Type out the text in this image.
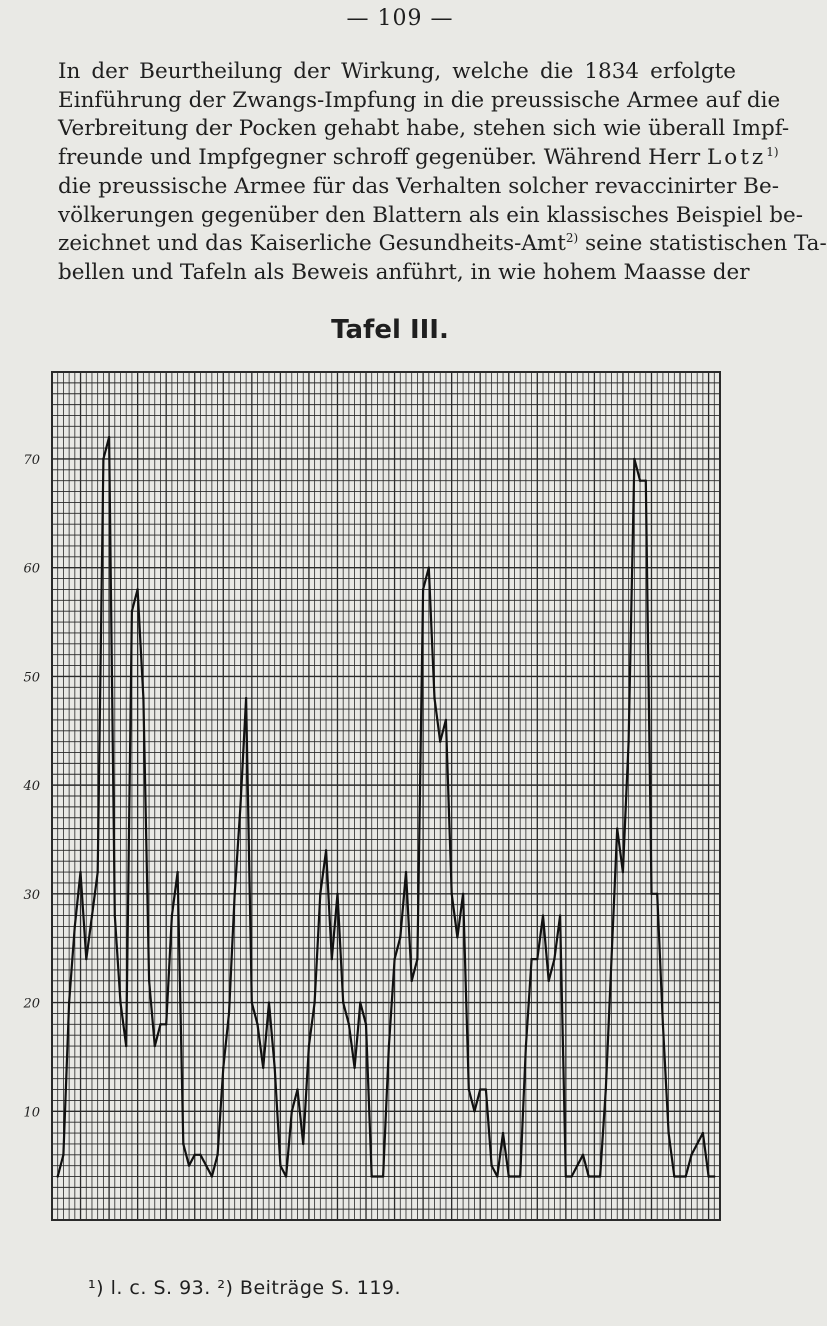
— 109 —
In der Beurtheilung der Wirkung, welche die 1834 erfolgte
Einführung der Zwangs-Impfung in die preussische Armee auf die
Verbreitung der Pocken gehabt habe, stehen sich wie überall Impf-
freunde und Impfgegner schroff gegenüber. Während Herr Lotz$^{1)}$
die preussische Armee für das Verhalten solcher revaccinirter Be-
völkerungen gegenüber den Blattern als ein klassisches Beispiel be-
zeichnet und das Kaiserliche Gesundheits-Amt$^{2)}$ seine statistischen Ta-
bellen und Tafeln als Beweis anführt, in wie hohem Maasse der
Tafel III.
70
60
50
40
30
20
10
¹) l. c. S. 93. ²) Beiträge S. 119.
